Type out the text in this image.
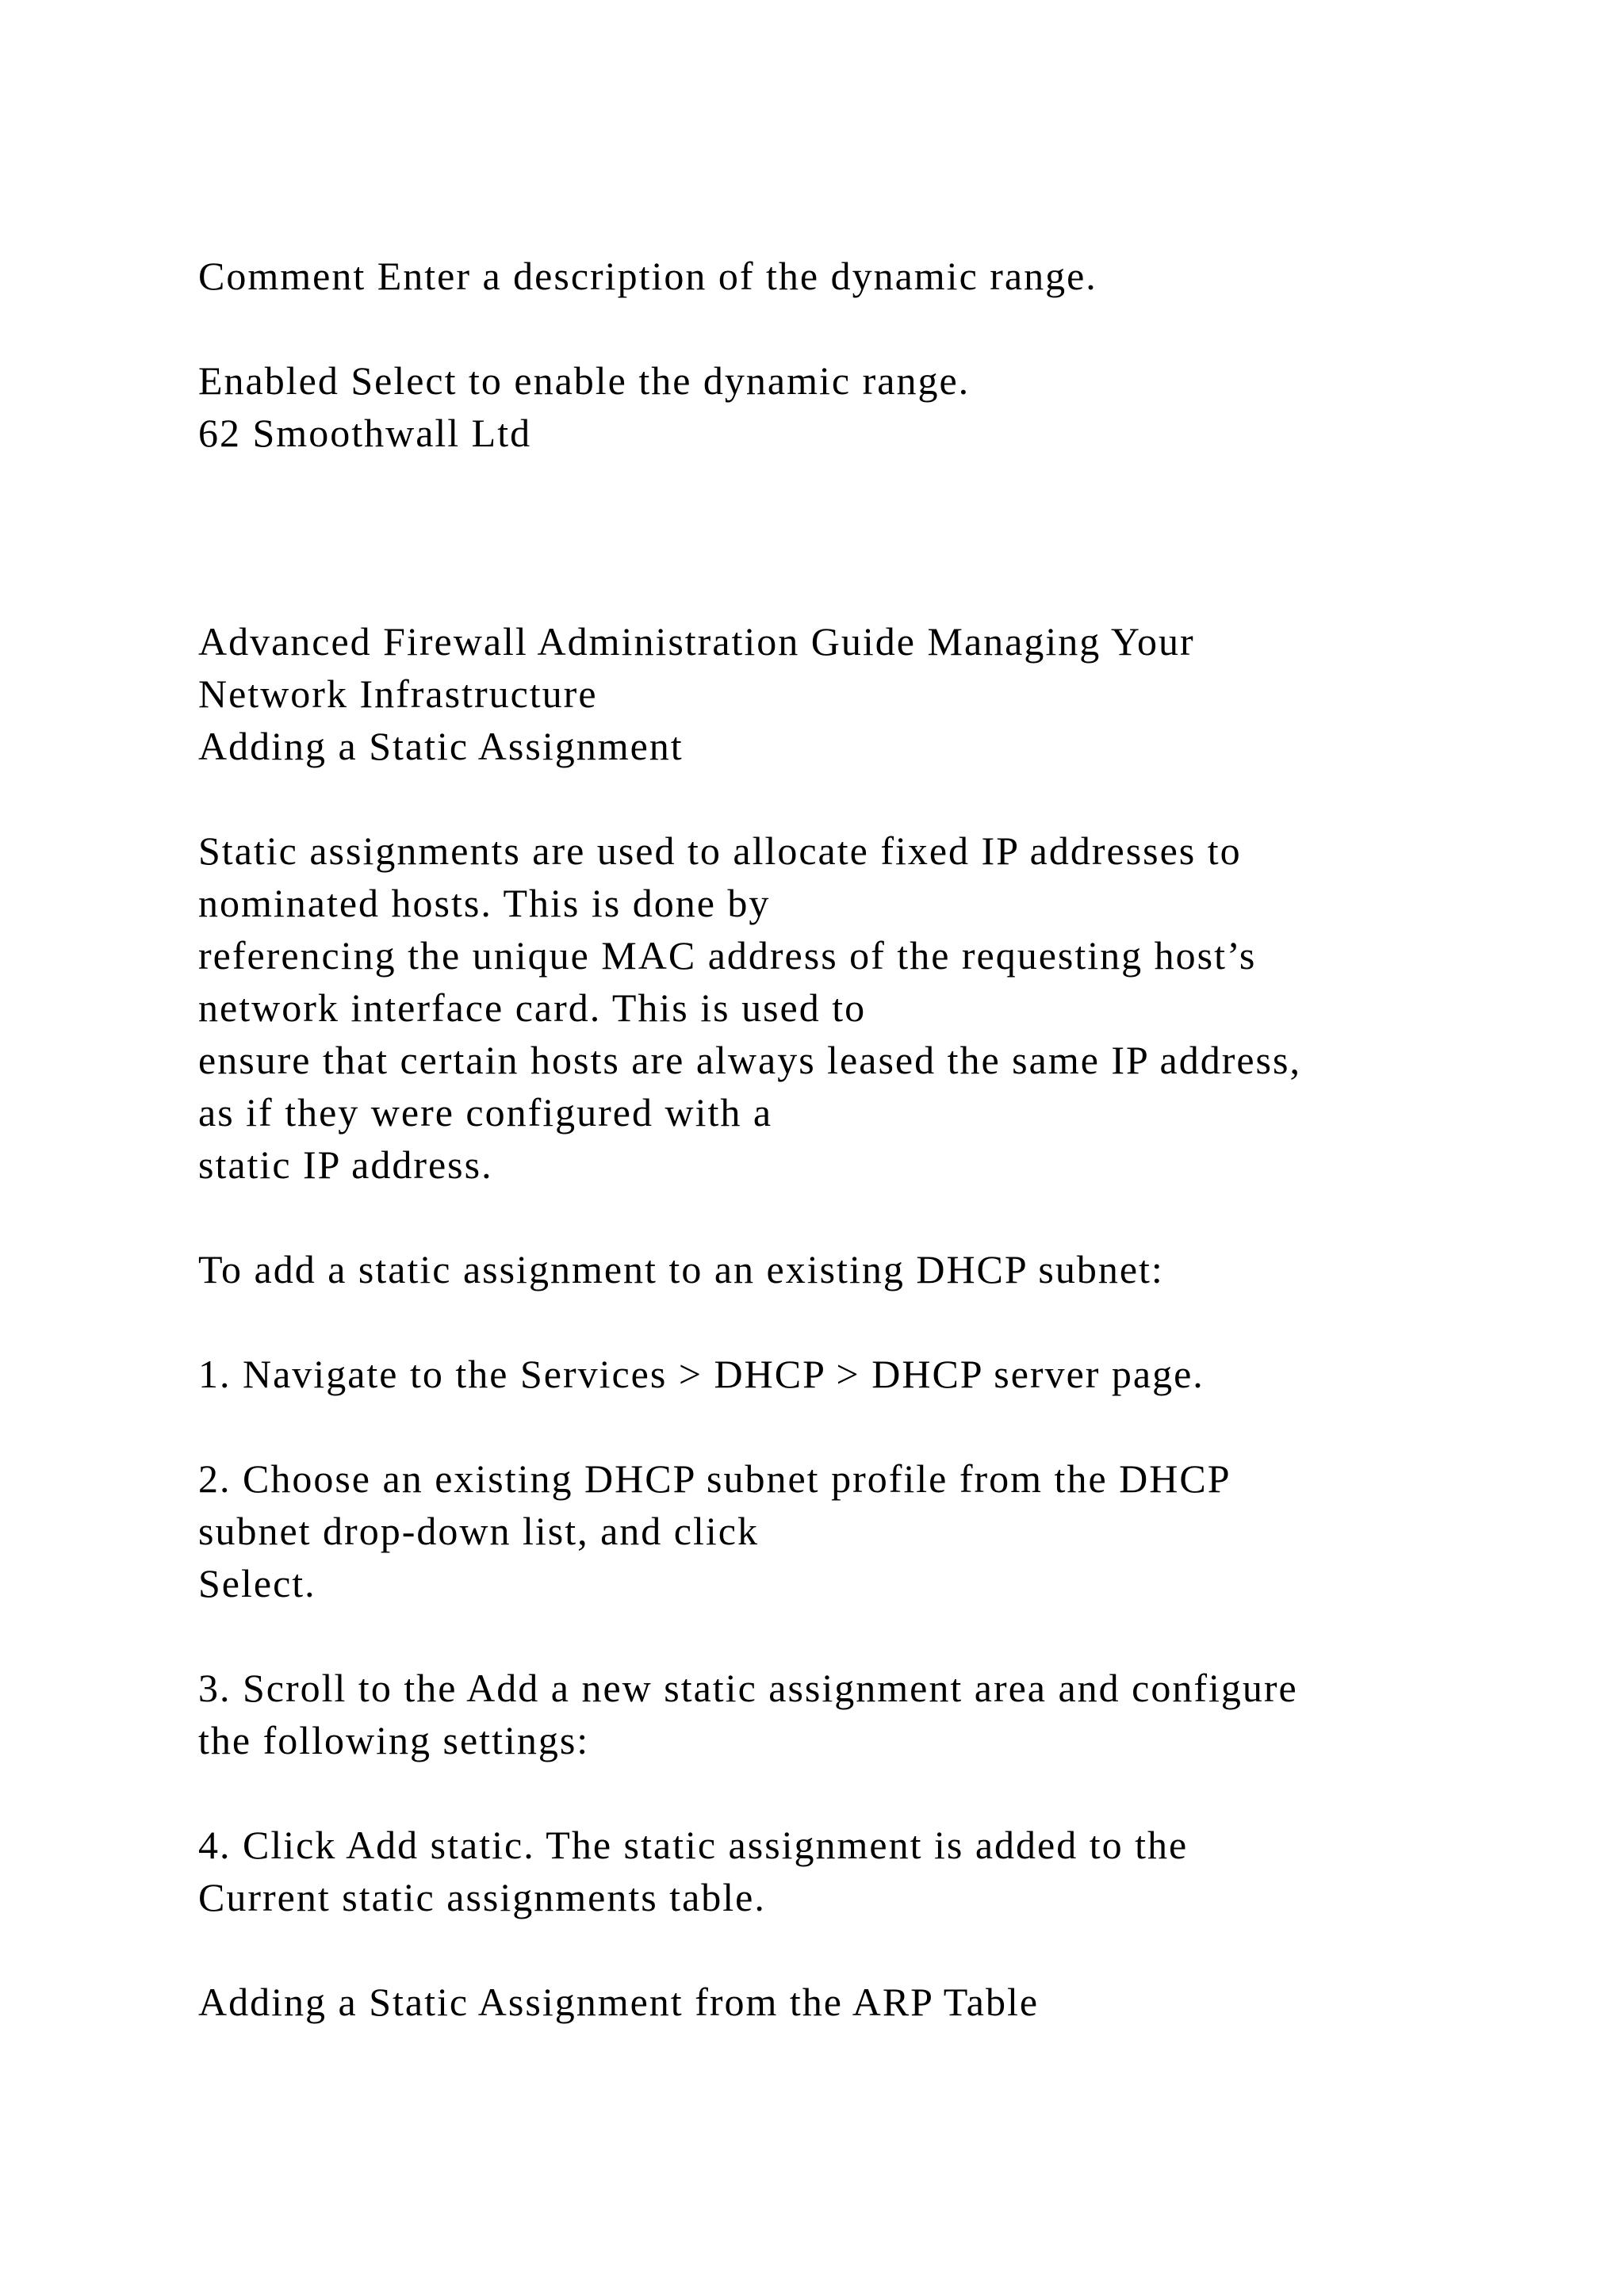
Comment Enter a description of the dynamic range.

Enabled Select to enable the dynamic range.

62 Smoothwall Ltd

Advanced Firewall Administration Guide Managing Your

Network Infrastructure

Adding a Static Assignment

Static assignments are used to allocate fixed IP addresses to

nominated hosts. This is done by

referencing the unique MAC address of the requesting host’s

network interface card. This is used to

ensure that certain hosts are always leased the same IP address,

as if they were configured with a

static IP address.

To add a static assignment to an existing DHCP subnet:

1. Navigate to the Services > DHCP > DHCP server page.

2. Choose an existing DHCP subnet profile from the DHCP

subnet drop-down list, and click

Select.

3. Scroll to the Add a new static assignment area and configure

the following settings:

4. Click Add static. The static assignment is added to the

Current static assignments table.

Adding a Static Assignment from the ARP Table
